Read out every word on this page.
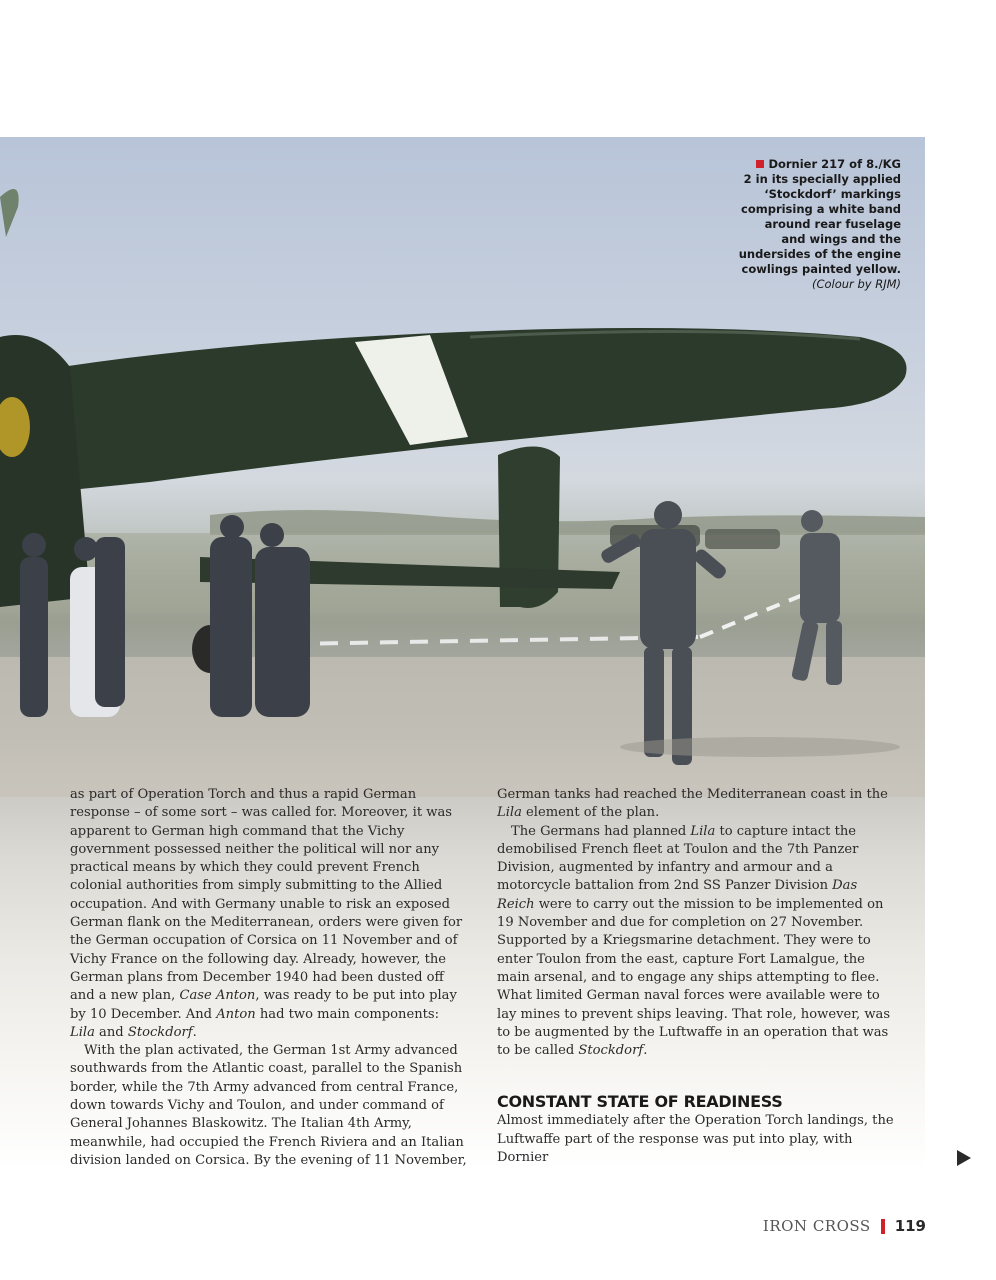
Dornier 217 of 8./KG
2 in its specially applied
‘Stockdorf’ markings
comprising a white band
around rear fuselage
and wings and the
undersides of the engine
cowlings painted yellow.
(Colour by RJM)

as part of Operation Torch and thus a rapid German response – of some sort – was called for. Moreover, it was apparent to German high command that the Vichy government possessed neither the political will nor any practical means by which they could prevent French colonial authorities from simply submitting to the Allied occupation. And with Germany unable to risk an exposed German flank on the Mediterranean, orders were given for the German occupation of Corsica on 11 November and of Vichy France on the following day. Already, however, the German plans from December 1940 had been dusted off and a new plan, Case Anton, was ready to be put into play by 10 December. And Anton had two main components: Lila and Stockdorf.

With the plan activated, the German 1st Army advanced southwards from the Atlantic coast, parallel to the Spanish border, while the 7th Army advanced from central France, down towards Vichy and Toulon, and under command of General Johannes Blaskowitz. The Italian 4th Army, meanwhile, had occupied the French Riviera and an Italian division landed on Corsica. By the evening of 11 November,

German tanks had reached the Mediterranean coast in the Lila element of the plan.

The Germans had planned Lila to capture intact the demobilised French fleet at Toulon and the 7th Panzer Division, augmented by infantry and armour and a motorcycle battalion from 2nd SS Panzer Division Das Reich were to carry out the mission to be implemented on 19 November and due for completion on 27 November. Supported by a Kriegsmarine detachment. They were to enter Toulon from the east, capture Fort Lamalgue, the main arsenal, and to engage any ships attempting to flee. What limited German naval forces were available were to lay mines to prevent ships leaving. That role, however, was to be augmented by the Luftwaffe in an operation that was to be called Stockdorf.

CONSTANT STATE OF READINESS

Almost immediately after the Operation Torch landings, the Luftwaffe part of the response was put into play, with Dornier

IRON CROSS 119
